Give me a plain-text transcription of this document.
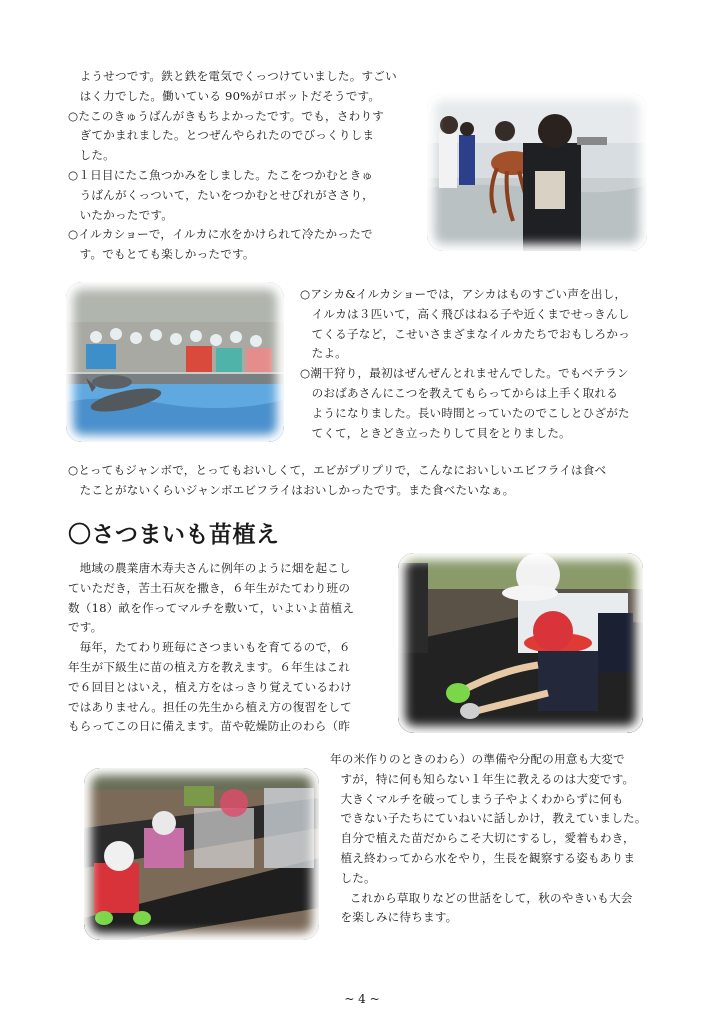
ようせつです。鉄と鉄を電気でくっつけていました。すごい

はく力でした。働いている 90%がロボットだそうです。

○たこのきゅうばんがきもちよかったです。でも，さわりす

ぎてかまれました。とつぜんやられたのでびっくりしま

した。

○１日目にたこ魚つかみをしました。たこをつかむときゅ

うばんがくっついて，たいをつかむとせびれがささり，

いたかったです。

○イルカショーで，イルカに水をかけられて冷たかったで

す。でもとても楽しかったです。

○アシカ&イルカショーでは，アシカはものすごい声を出し，

イルカは３匹いて，高く飛びはねる子や近くまでせっきんし

てくる子など，こせいさまざまなイルカたちでおもしろかっ

たよ。

○潮干狩り，最初はぜんぜんとれませんでした。でもベテラン

のおばあさんにこつを教えてもらってからは上手く取れる

ようになりました。長い時間とっていたのでこしとひざがた

てくて，ときどき立ったりして貝をとりました。

○とってもジャンボで，とってもおいしくて，エビがプリプリで，こんなにおいしいエビフライは食べ

たことがないくらいジャンボエビフライはおいしかったです。また食べたいなぁ。

〇さつまいも苗植え

地域の農業唐木寿夫さんに例年のように畑を起こし

ていただき，苦土石灰を撒き，６年生がたてわり班の

数（18）畝を作ってマルチを敷いて，いよいよ苗植え

です。

毎年，たてわり班毎にさつまいもを育てるので，６

年生が下級生に苗の植え方を教えます。６年生はこれ

で６回目とはいえ，植え方をはっきり覚えているわけ

ではありません。担任の先生から植え方の復習をして

もらってこの日に備えます。苗や乾燥防止のわら（昨

年の米作りのときのわら）の準備や分配の用意も大変で

すが，特に何も知らない１年生に教えるのは大変です。

大きくマルチを破ってしまう子やよくわからずに何も

できない子たちにていねいに話しかけ，教えていました。

自分で植えた苗だからこそ大切にするし，愛着もわき，

植え終わってから水をやり，生長を観察する姿もありま

した。

これから草取りなどの世話をして，秋のやきいも大会

を楽しみに待ちます。

~ 4 ~
